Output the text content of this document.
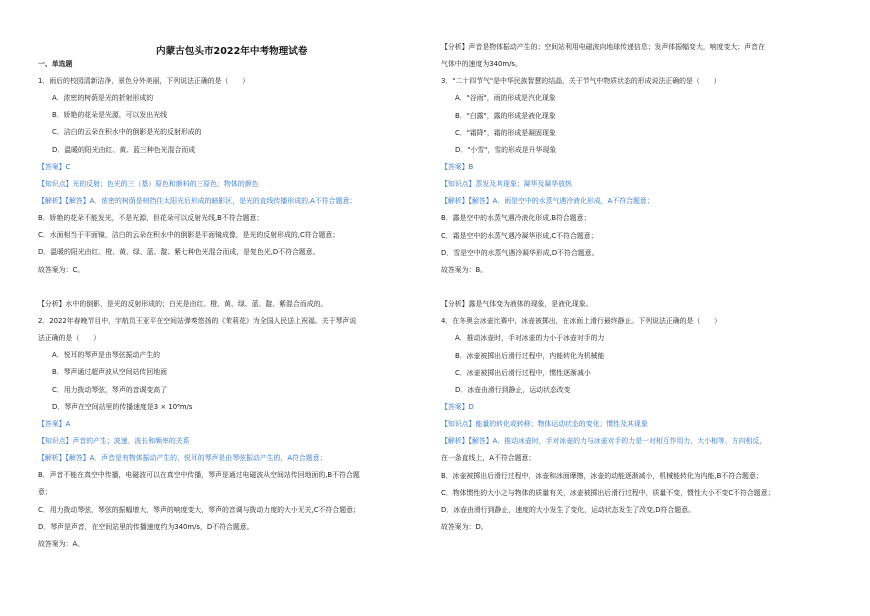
内蒙古包头市2022年中考物理试卷
一、单选题
1．雨后的校园清新洁净，景色分外美丽，下列说法正确的是（　　）
A．浓密的树荫是光的折射形成的
B．娇艳的花朵是光源，可以发出光线
C．洁白的云朵在积水中的倒影是光的反射形成的
D．温暖的阳光由红、黄、蓝三种色光混合而成
【答案】C
【知识点】光的反射；色光的三（基）原色和颜料的三原色；物体的颜色
【解析】【解答】A．浓密的树荫是树挡住太阳光后形成的暗影区，是光的直线传播形成的,A不符合题意；
B．娇艳的花朵不能发光，不是光源，但花朵可以反射光线,B不符合题意；
C．水面相当于平面镜，洁白的云朵在积水中的倒影是平面镜成像，是光的反射形成的,C符合题意；
D．温暖的阳光由红、橙、黄、绿、蓝、靛、紫七种色光混合而成，是复色光,D不符合题意。
故答案为：C。
【分析】水中的倒影，是光的反射形成的；白光是由红、橙、黄、绿、蓝、靛、紫混合而成的。
2．2022年春晚节目中，宇航员王亚平在空间站弹奏悠扬的《茉莉花》为全国人民送上祝福。关于琴声说
法正确的是（　　）
A．悦耳的琴声是由琴弦振动产生的
B．琴声通过超声波从空间站传回地面
C．用力拨动琴弦，琴声的音调变高了
D．琴声在空间站里的传播速度是3 × 10⁸m/s
【答案】A
【知识点】声音的产生；波速、波长和频率的关系
【解析】【解答】A．声音是有物体振动产生的，悦耳的琴声是由琴弦振动产生的，A符合题意；
B．声音不能在真空中传播，电磁波可以在真空中传播，琴声是通过电磁波从空间站传回地面的,B不符合题
意；
C．用力拨动琴弦，琴弦的振幅增大，琴声的响度变大，琴声的音调与拨动力度的大小无关,C不符合题意；
D．琴声是声音，在空间站里的传播速度约为340m/s，D不符合题意。
故答案为：A。
【分析】声音是物体振动产生的；空间站利用电磁波向地球传递信息；发声体振幅变大，响度变大；声音在
气体中的速度为340m/s。
3．"二十四节气"是中华民族智慧的结晶，关于节气中物质状态的形成说法正确的是（　　）
A．"谷雨"，雨的形成是汽化现象
B．"白露"，露的形成是液化现象
C．"霜降"，霜的形成是凝固现象
D．"小雪"，雪的形成是升华现象
【答案】B
【知识点】蒸发及其现象；凝华及凝华放热
【解析】【解答】A．雨是空中的水蒸气遇冷液化形成，A不符合题意；
B．露是空中的水蒸气遇冷液化形成,B符合题意；
C．霜是空中的水蒸气遇冷凝华形成,C不符合题意；
D．雪是空中的水蒸气遇冷凝华形成,D不符合题意。
故答案为：B。
【分析】露是气体变为液体的现象，是液化现象。
4．在冬奥会冰壶比赛中，冰壶被掷出，在冰面上滑行最终静止。下列说法正确的是（　　）
A．推动冰壶时，手对冰壶的力小于冰壶对手的力
B．冰壶被掷出后滑行过程中，内能转化为机械能
C．冰壶被掷出后滑行过程中，惯性逐渐减小
D．冰壶由滑行到静止，运动状态改变
【答案】D
【知识点】能量的转化或转移；物体运动状态的变化；惯性及其现象
【解析】【解答】A．推动冰壶时，手对冰壶的力与冰壶对手的力是一对相互作用力，大小相等、方向相反，
在一条直线上，A不符合题意；
B．冰壶被掷出后滑行过程中，冰壶和冰面摩擦，冰壶的动能逐渐减小，机械能转化为内能,B不符合题意；
C．物体惯性的大小之与物体的质量有关，冰壶被掷出后滑行过程中，质量不变，惯性大小不变C不符合题意；
D．冰壶由滑行到静止，速度的大小发生了变化，运动状态发生了改变,D符合题意。
故答案为：D。
